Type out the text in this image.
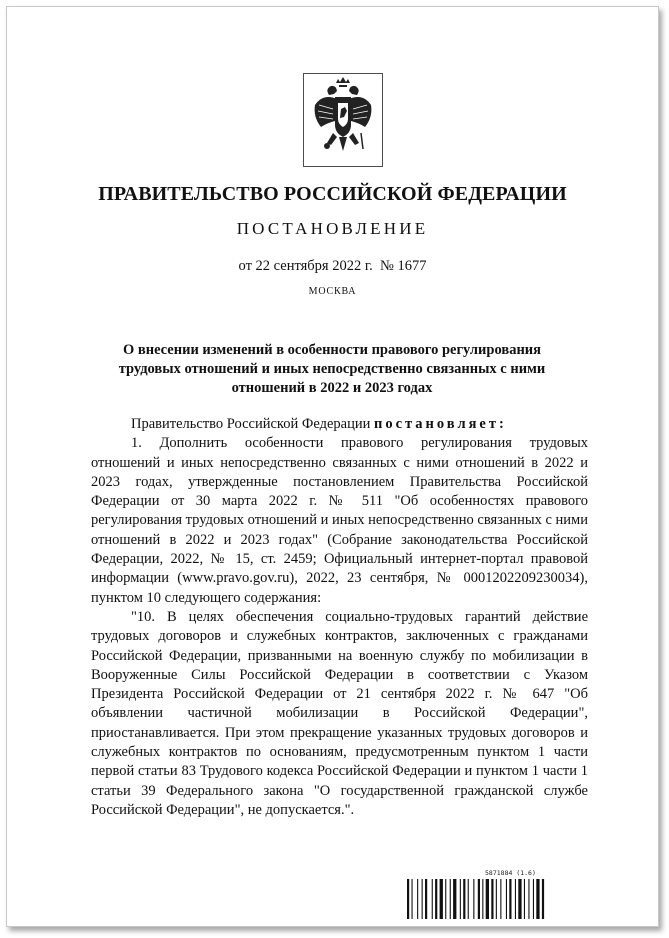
ПРАВИТЕЛЬСТВО РОССИЙСКОЙ ФЕДЕРАЦИИ
ПОСТАНОВЛЕНИЕ
от 22 сентября 2022 г.  № 1677
МОСКВА
О внесении изменений в особенности правового регулирования
трудовых отношений и иных непосредственно связанных с ними
отношений в 2022 и 2023 годах

Правительство Российской Федерации постановляет:

1. Дополнить особенности правового регулирования трудовых отношений и иных непосредственно связанных с ними отношений в 2022 и 2023 годах, утвержденные постановлением Правительства Российской Федерации от 30 марта 2022 г. № 511 "Об особенностях правового регулирования трудовых отношений и иных непосредственно связанных с ними отношений в 2022 и 2023 годах" (Собрание законодательства Российской Федерации, 2022, № 15, ст. 2459; Официальный интернет-портал правовой информации (www.pravo.gov.ru), 2022, 23 сентября, № 0001202209230034), пунктом 10 следующего содержания:

"10. В целях обеспечения социально-трудовых гарантий действие трудовых договоров и служебных контрактов, заключенных с гражданами Российской Федерации, призванными на военную службу по мобилизации в Вооруженные Силы Российской Федерации в соответствии с Указом Президента Российской Федерации от 21 сентября 2022 г. № 647 "Об объявлении частичной мобилизации в Российской Федерации", приостанавливается. При этом прекращение указанных трудовых договоров и служебных контрактов по основаниям, предусмотренным пунктом 1 части первой статьи 83 Трудового кодекса Российской Федерации и пунктом 1 части 1 статьи 39 Федерального закона "О государственной гражданской службе Российской Федерации", не допускается.".

5871884 (1.6)
